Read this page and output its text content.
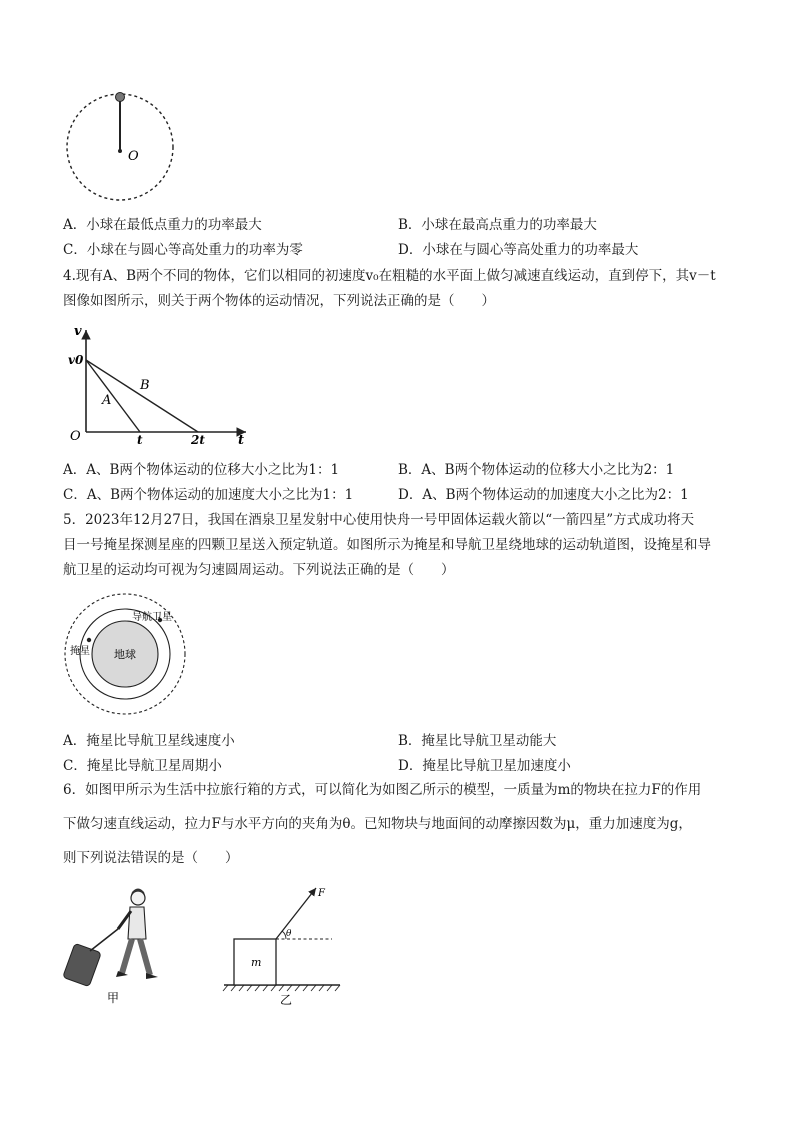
O
A．小球在最低点重力的功率最大	B．小球在最高点重力的功率最大
C．小球在与圆心等高处重力的功率为零	D．小球在与圆心等高处重力的功率最大
4.现有A、B两个不同的物体，它们以相同的初速度v₀在粗糙的水平面上做匀减速直线运动，直到停下，其v－t
图像如图所示，则关于两个物体的运动情况，下列说法正确的是（　　）
v
v0
O
A
B
t	2t	t
A．A、B两个物体运动的位移大小之比为1：1	B．A、B两个物体运动的位移大小之比为2：1
C．A、B两个物体运动的加速度大小之比为1：1	D．A、B两个物体运动的加速度大小之比为2：1
5．2023年12月27日，我国在酒泉卫星发射中心使用快舟一号甲固体运载火箭以“一箭四星”方式成功将天
目一号掩星探测星座的四颗卫星送入预定轨道。如图所示为掩星和导航卫星绕地球的运动轨道图，设掩星和导
航卫星的运动均可视为匀速圆周运动。下列说法正确的是（　　）
地球
导航卫星
掩星
A．掩星比导航卫星线速度小	B．掩星比导航卫星动能大
C．掩星比导航卫星周期小	D．掩星比导航卫星加速度小
6．如图甲所示为生活中拉旅行箱的方式，可以简化为如图乙所示的模型，一质量为m的物块在拉力F的作用
下做匀速直线运动，拉力F与水平方向的夹角为θ。已知物块与地面间的动摩擦因数为μ，重力加速度为g，
则下列说法错误的是（　　）
甲
m
θ
F
乙
